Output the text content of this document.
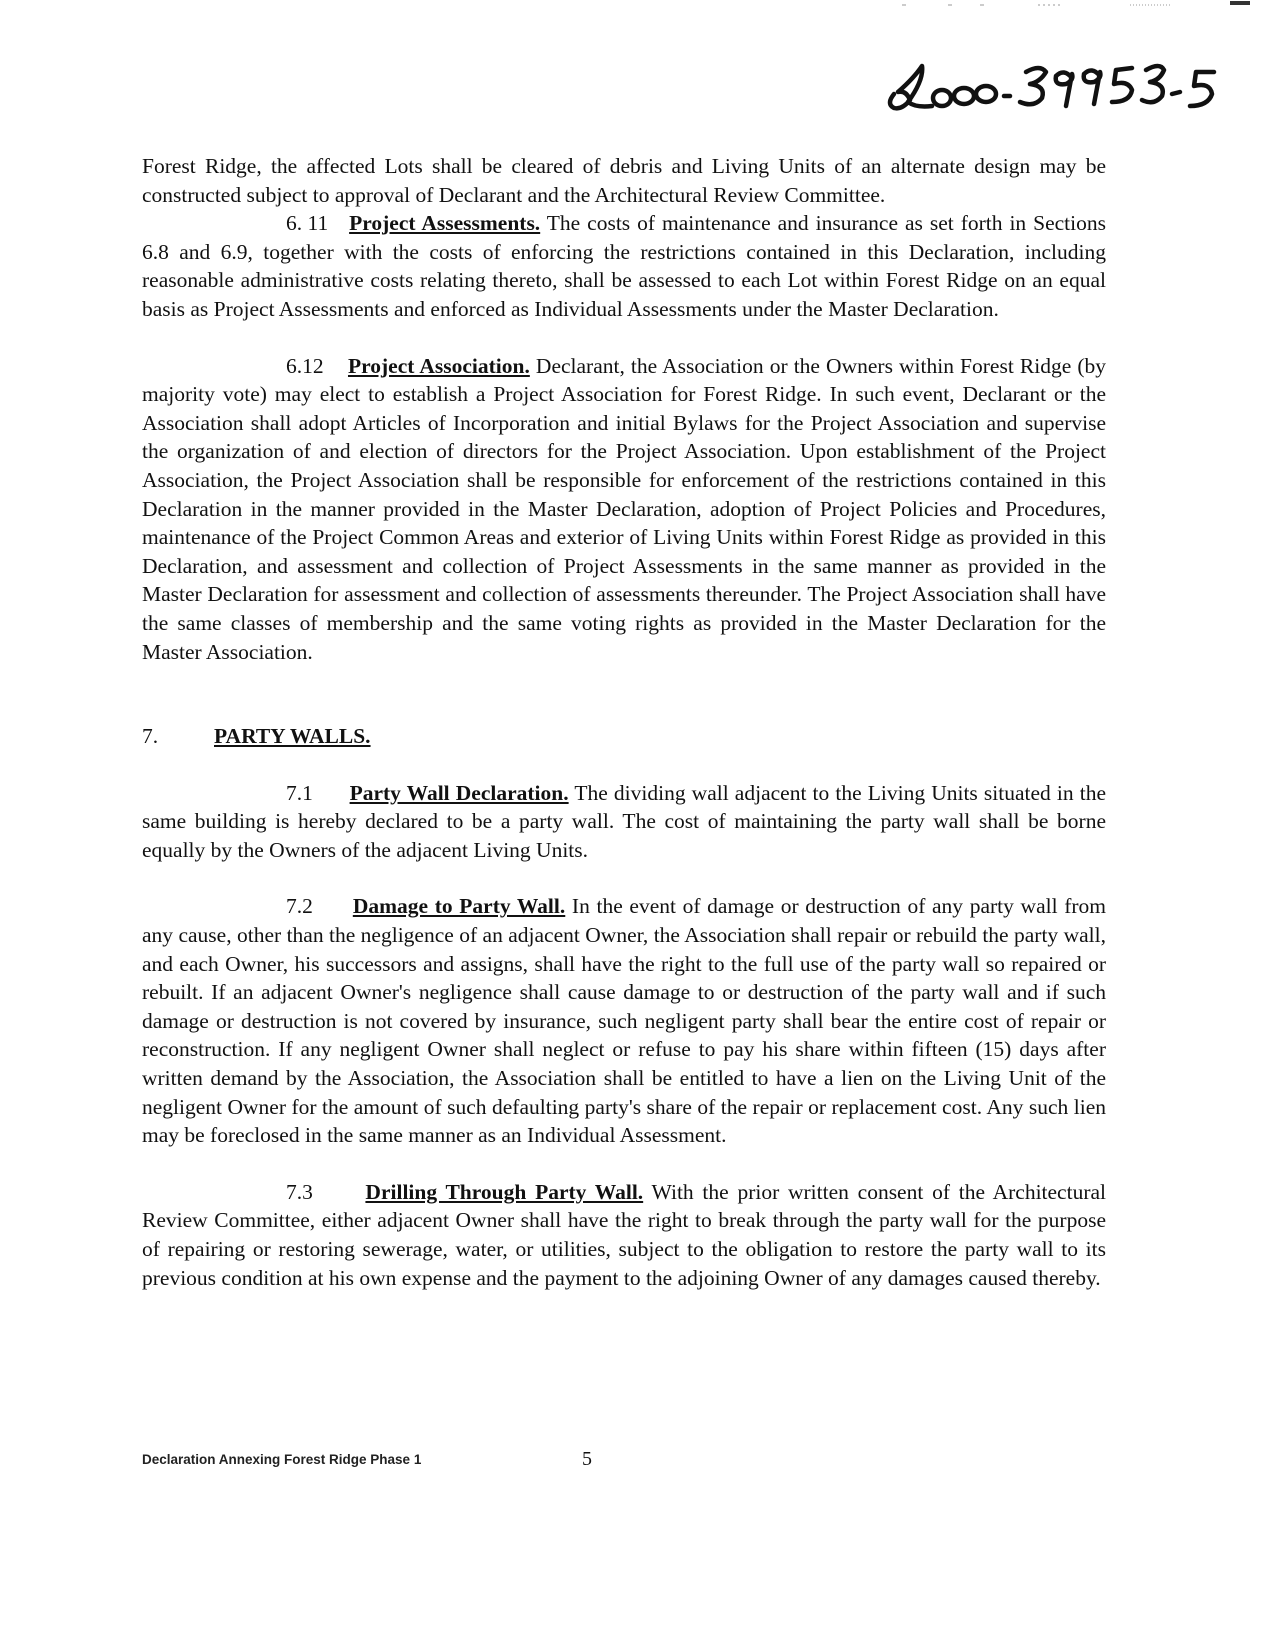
Forest Ridge, the affected Lots shall be cleared of debris and Living Units of an alternate design may be constructed subject to approval of Declarant and the Architectural Review Committee.

6. 11 Project Assessments. The costs of maintenance and insurance as set forth in Sections 6.8 and 6.9, together with the costs of enforcing the restrictions contained in this Declaration, including reasonable administrative costs relating thereto, shall be assessed to each Lot within Forest Ridge on an equal basis as Project Assessments and enforced as Individual Assessments under the Master Declaration.

6.12 Project Association. Declarant, the Association or the Owners within Forest Ridge (by majority vote) may elect to establish a Project Association for Forest Ridge. In such event, Declarant or the Association shall adopt Articles of Incorporation and initial Bylaws for the Project Association and supervise the organization of and election of directors for the Project Association. Upon establishment of the Project Association, the Project Association shall be responsible for enforcement of the restrictions contained in this Declaration in the manner provided in the Master Declaration, adoption of Project Policies and Procedures, maintenance of the Project Common Areas and exterior of Living Units within Forest Ridge as provided in this Declaration, and assessment and collection of Project Assessments in the same manner as provided in the Master Declaration for assessment and collection of assessments thereunder. The Project Association shall have the same classes of membership and the same voting rights as provided in the Master Declaration for the Master Association.

7.	PARTY WALLS.

7.1 Party Wall Declaration. The dividing wall adjacent to the Living Units situated in the same building is hereby declared to be a party wall. The cost of maintaining the party wall shall be borne equally by the Owners of the adjacent Living Units.

7.2 Damage to Party Wall. In the event of damage or destruction of any party wall from any cause, other than the negligence of an adjacent Owner, the Association shall repair or rebuild the party wall, and each Owner, his successors and assigns, shall have the right to the full use of the party wall so repaired or rebuilt. If an adjacent Owner's negligence shall cause damage to or destruction of the party wall and if such damage or destruction is not covered by insurance, such negligent party shall bear the entire cost of repair or reconstruction. If any negligent Owner shall neglect or refuse to pay his share within fifteen (15) days after written demand by the Association, the Association shall be entitled to have a lien on the Living Unit of the negligent Owner for the amount of such defaulting party's share of the repair or replacement cost. Any such lien may be foreclosed in the same manner as an Individual Assessment.

7.3 Drilling Through Party Wall. With the prior written consent of the Architectural Review Committee, either adjacent Owner shall have the right to break through the party wall for the purpose of repairing or restoring sewerage, water, or utilities, subject to the obligation to restore the party wall to its previous condition at his own expense and the payment to the adjoining Owner of any damages caused thereby.

Declaration Annexing Forest Ridge Phase 1	5
